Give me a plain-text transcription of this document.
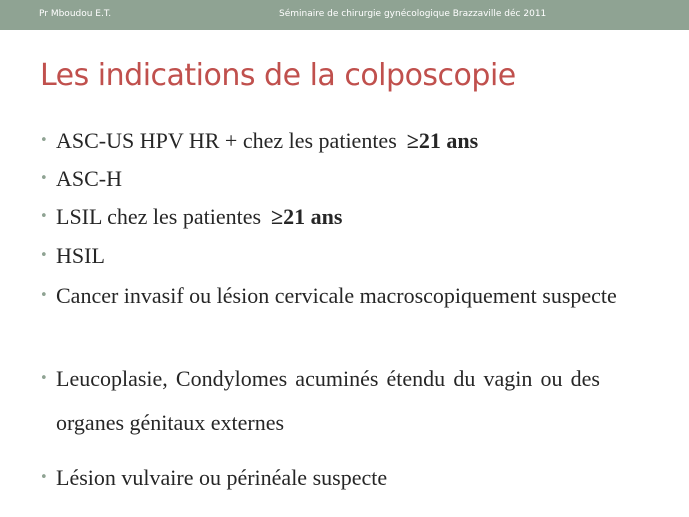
Pr Mboudou E.T.	Séminaire de chirurgie gynécologique Brazzaville déc 2011
Les indications de la colposcopie
• ASC-US HPV HR + chez les patientes ≥21 ans
• ASC-H
• LSIL chez les patientes ≥21 ans
• HSIL
• Cancer invasif ou lésion cervicale macroscopiquement suspecte
• Leucoplasie, Condylomes acuminés étendu du vagin ou des organes génitaux externes
• Lésion vulvaire ou périnéale suspecte
